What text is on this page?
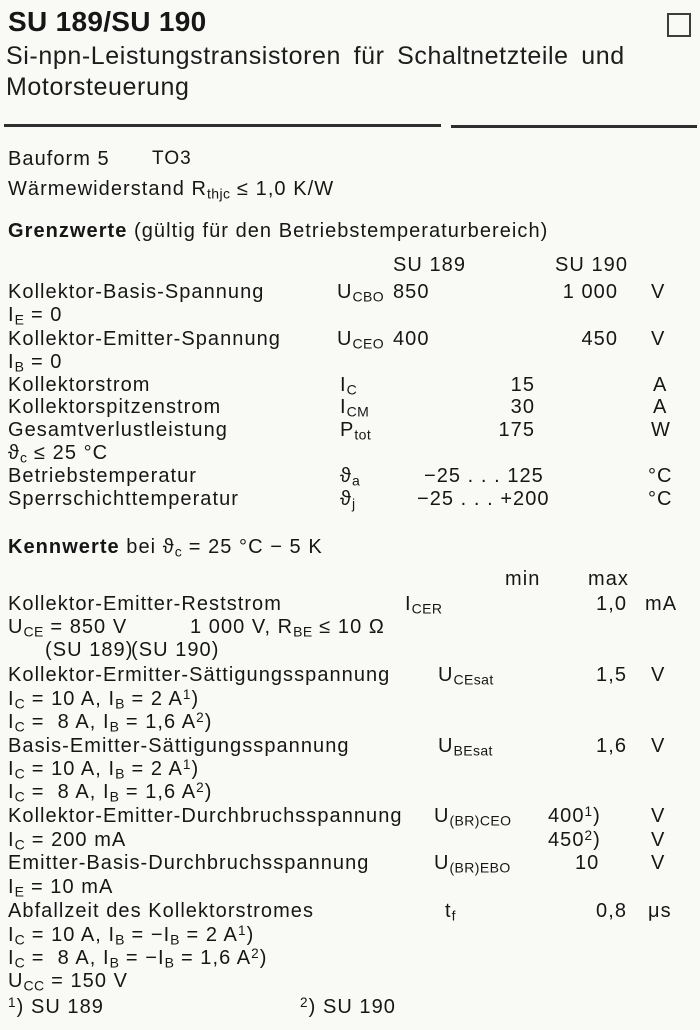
SU 189/SU 190
Si-npn-Leistungstransistoren für Schaltnetzteile und
Motorsteuerung
Bauform 5 TO3
Wärmewiderstand $R_{thjc} \le 1,0$ K/W
Grenzwerte (gültig für den Betriebstemperaturbereich)
SU 189	SU 190
Kollektor-Basis-Spannung	$U_{CBO}$ 850	1 000 V
$I_E = 0$
Kollektor-Emitter-Spannung	$U_{CEO}$ 400	450 V
$I_B = 0$
Kollektorstrom	$I_C$	15	A
Kollektorspitzenstrom	$I_{CM}$	30	A
Gesamtverlustleistung	$P_{tot}$	175	W
$ϑ_c \le 25$ °C
Betriebstemperatur	$ϑ_a$	−25 . . . 125	°C
Sperrschichttemperatur	$ϑ_j$	−25 . . . +200	°C
Kennwerte bei $ϑ_c = 25$ °C − 5 K
min max
Kollektor-Emitter-Reststrom	$I_{CER}$	1,0 mA
$U_{CE} = 850$ V	1 000 V, $R_{BE} \le 10$ Ω
(SU 189)
(SU 190)
Kollektor-Ermitter-Sättigungsspannung $U_{CEsat}$	1,5 V
$I_C = 10$ A, $I_B = 2$ $A^1$)
$I_C = 8$ A, $I_B = 1,6$ $A^2$)
Basis-Emitter-Sättigungsspannung	$U_{BEsat}$	1,6 V
$I_C = 10$ A, $I_B = 2$ $A^1$)
$I_C = 8$ A, $I_B = 1,6$ $A^2$)
Kollektor-Emitter-Durchbruchsspannung $U_{(BR)CEO}$ $400^1$)	V
$I_C = 200$ mA	$450^2$)	V
Emitter-Basis-Durchbruchsspannung	$U_{(BR)EBO}$	10	V
$I_E = 10$ mA
Abfallzeit des Kollektorstromes	$t_f$	0,8 μs
$I_C = 10$ A, $I_B = -I_B = 2$ $A^1$)
$I_C = 8$ A, $I_B = -I_B = 1,6$ $A^2$)
$U_{CC} = 150$ V
$^1$) SU 189	$^2$) SU 190
